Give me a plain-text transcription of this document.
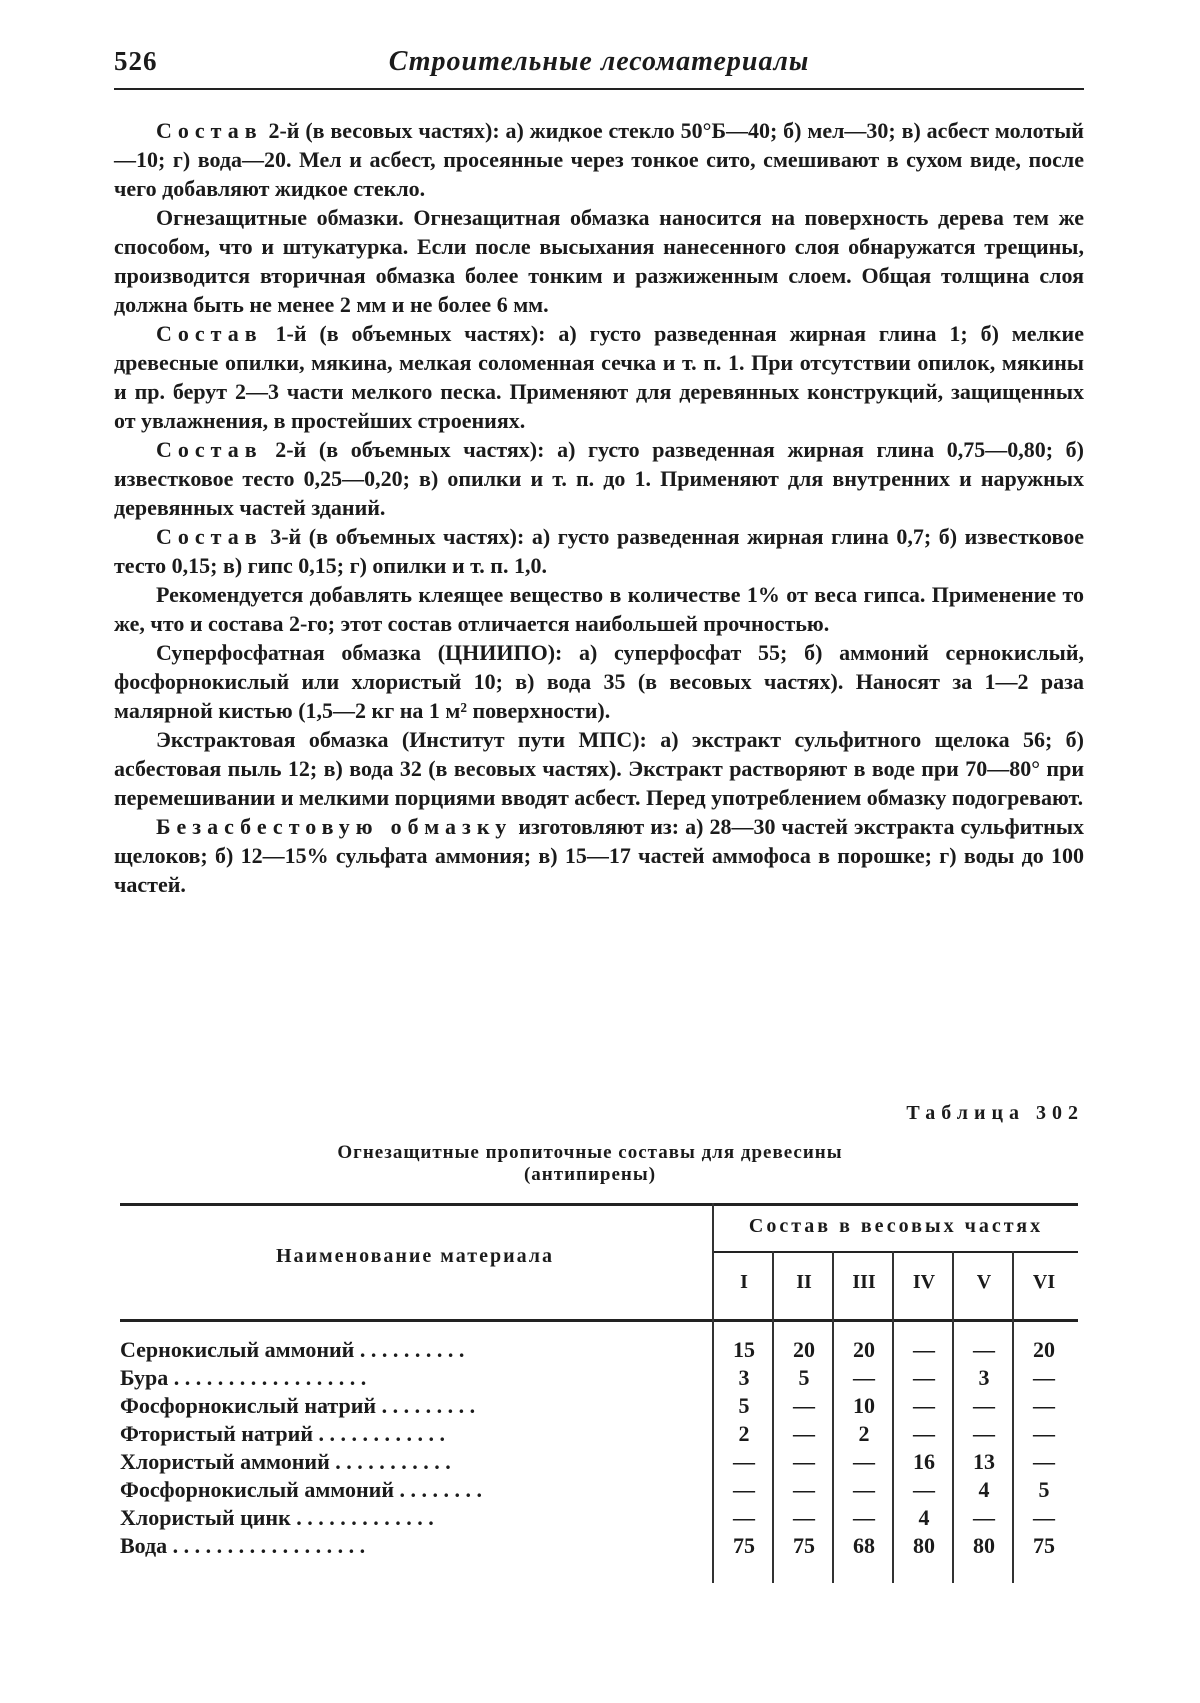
526	Строительные лесоматериалы

Состав 2-й (в весовых частях): а) жидкое стекло 50°Б—40; б) мел—30; в) асбест молотый—10; г) вода—20. Мел и асбест, просеянные через тонкое сито, смешивают в сухом виде, после чего добавляют жидкое стекло.

Огнезащитные обмазки. Огнезащитная обмазка наносится на поверхность дерева тем же способом, что и штукатурка. Если после высыхания нанесенного слоя обнаружатся трещины, производится вторичная обмазка более тонким и разжиженным слоем. Общая толщина слоя должна быть не менее 2 мм и не более 6 мм.

Состав 1-й (в объемных частях): а) густо разведенная жирная глина 1; б) мелкие древесные опилки, мякина, мелкая соломенная сечка и т. п. 1. При отсутствии опилок, мякины и пр. берут 2—3 части мелкого песка. Применяют для деревянных конструкций, защищенных от увлажнения, в простейших строениях.

Состав 2-й (в объемных частях): а) густо разведенная жирная глина 0,75—0,80; б) известковое тесто 0,25—0,20; в) опилки и т. п. до 1. Применяют для внутренних и наружных деревянных частей зданий.

Состав 3-й (в объемных частях): а) густо разведенная жирная глина 0,7; б) известковое тесто 0,15; в) гипс 0,15; г) опилки и т. п. 1,0.

Рекомендуется добавлять клеящее вещество в количестве 1% от веса гипса. Применение то же, что и состава 2-го; этот состав отличается наибольшей прочностью.

Суперфосфатная обмазка (ЦНИИПО): а) суперфосфат 55; б) аммоний сернокислый, фосфорнокислый или хлористый 10; в) вода 35 (в весовых частях). Наносят за 1—2 раза малярной кистью (1,5—2 кг на 1 м² поверхности).

Экстрактовая обмазка (Институт пути МПС): а) экстракт сульфитного щелока 56; б) асбестовая пыль 12; в) вода 32 (в весовых частях). Экстракт растворяют в воде при 70—80° при перемешивании и мелкими порциями вводят асбест. Перед употреблением обмазку подогревают.

Безасбестовую обмазку изготовляют из: а) 28—30 частей экстракта сульфитных щелоков; б) 12—15% сульфата аммония; в) 15—17 частей аммофоса в порошке; г) воды до 100 частей.

Таблица 302
Огнезащитные пропиточные составы для древесины
(антипирены)
Наименование материала
Состав в весовых частях
I	II	III	IV	V	VI
Сернокислый аммоний . . . . . . . . . .	15	20	20	—	—	20
Бура . . . . . . . . . . . . . . . . . .	3	5	—	—	3	—
Фосфорнокислый натрий . . . . . . . . .	5	—	10	—	—	—
Фтористый натрий . . . . . . . . . . . .	2	—	2	—	—	—
Хлористый аммоний . . . . . . . . . . .	—	—	—	16	13	—
Фосфорнокислый аммоний . . . . . . . .	—	—	—	—	4	5
Хлористый цинк . . . . . . . . . . . . .	—	—	—	4	—	—
Вода . . . . . . . . . . . . . . . . . .	75	75	68	80	80	75
